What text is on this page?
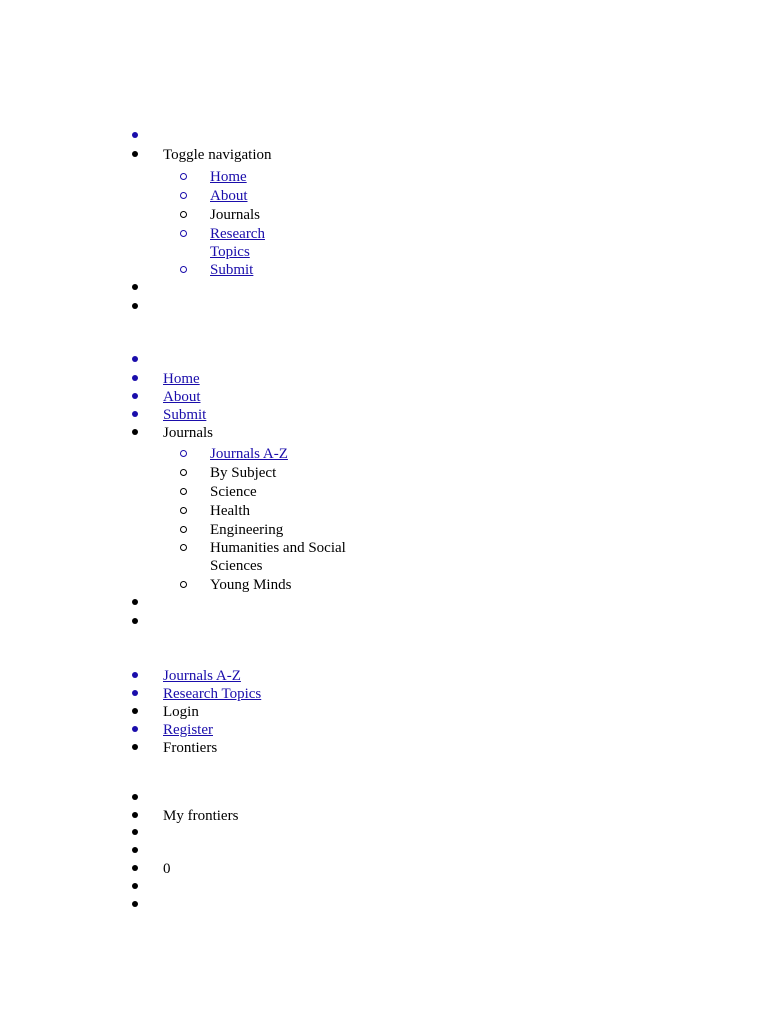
Toggle navigation
Home
About
Journals
Research
Topics
Submit
Home
About
Submit
Journals
Journals A-Z
By Subject
Science
Health
Engineering
Humanities and Social
Sciences
Young Minds
Journals A-Z
Research Topics
Login
Register
Frontiers
My frontiers
0
